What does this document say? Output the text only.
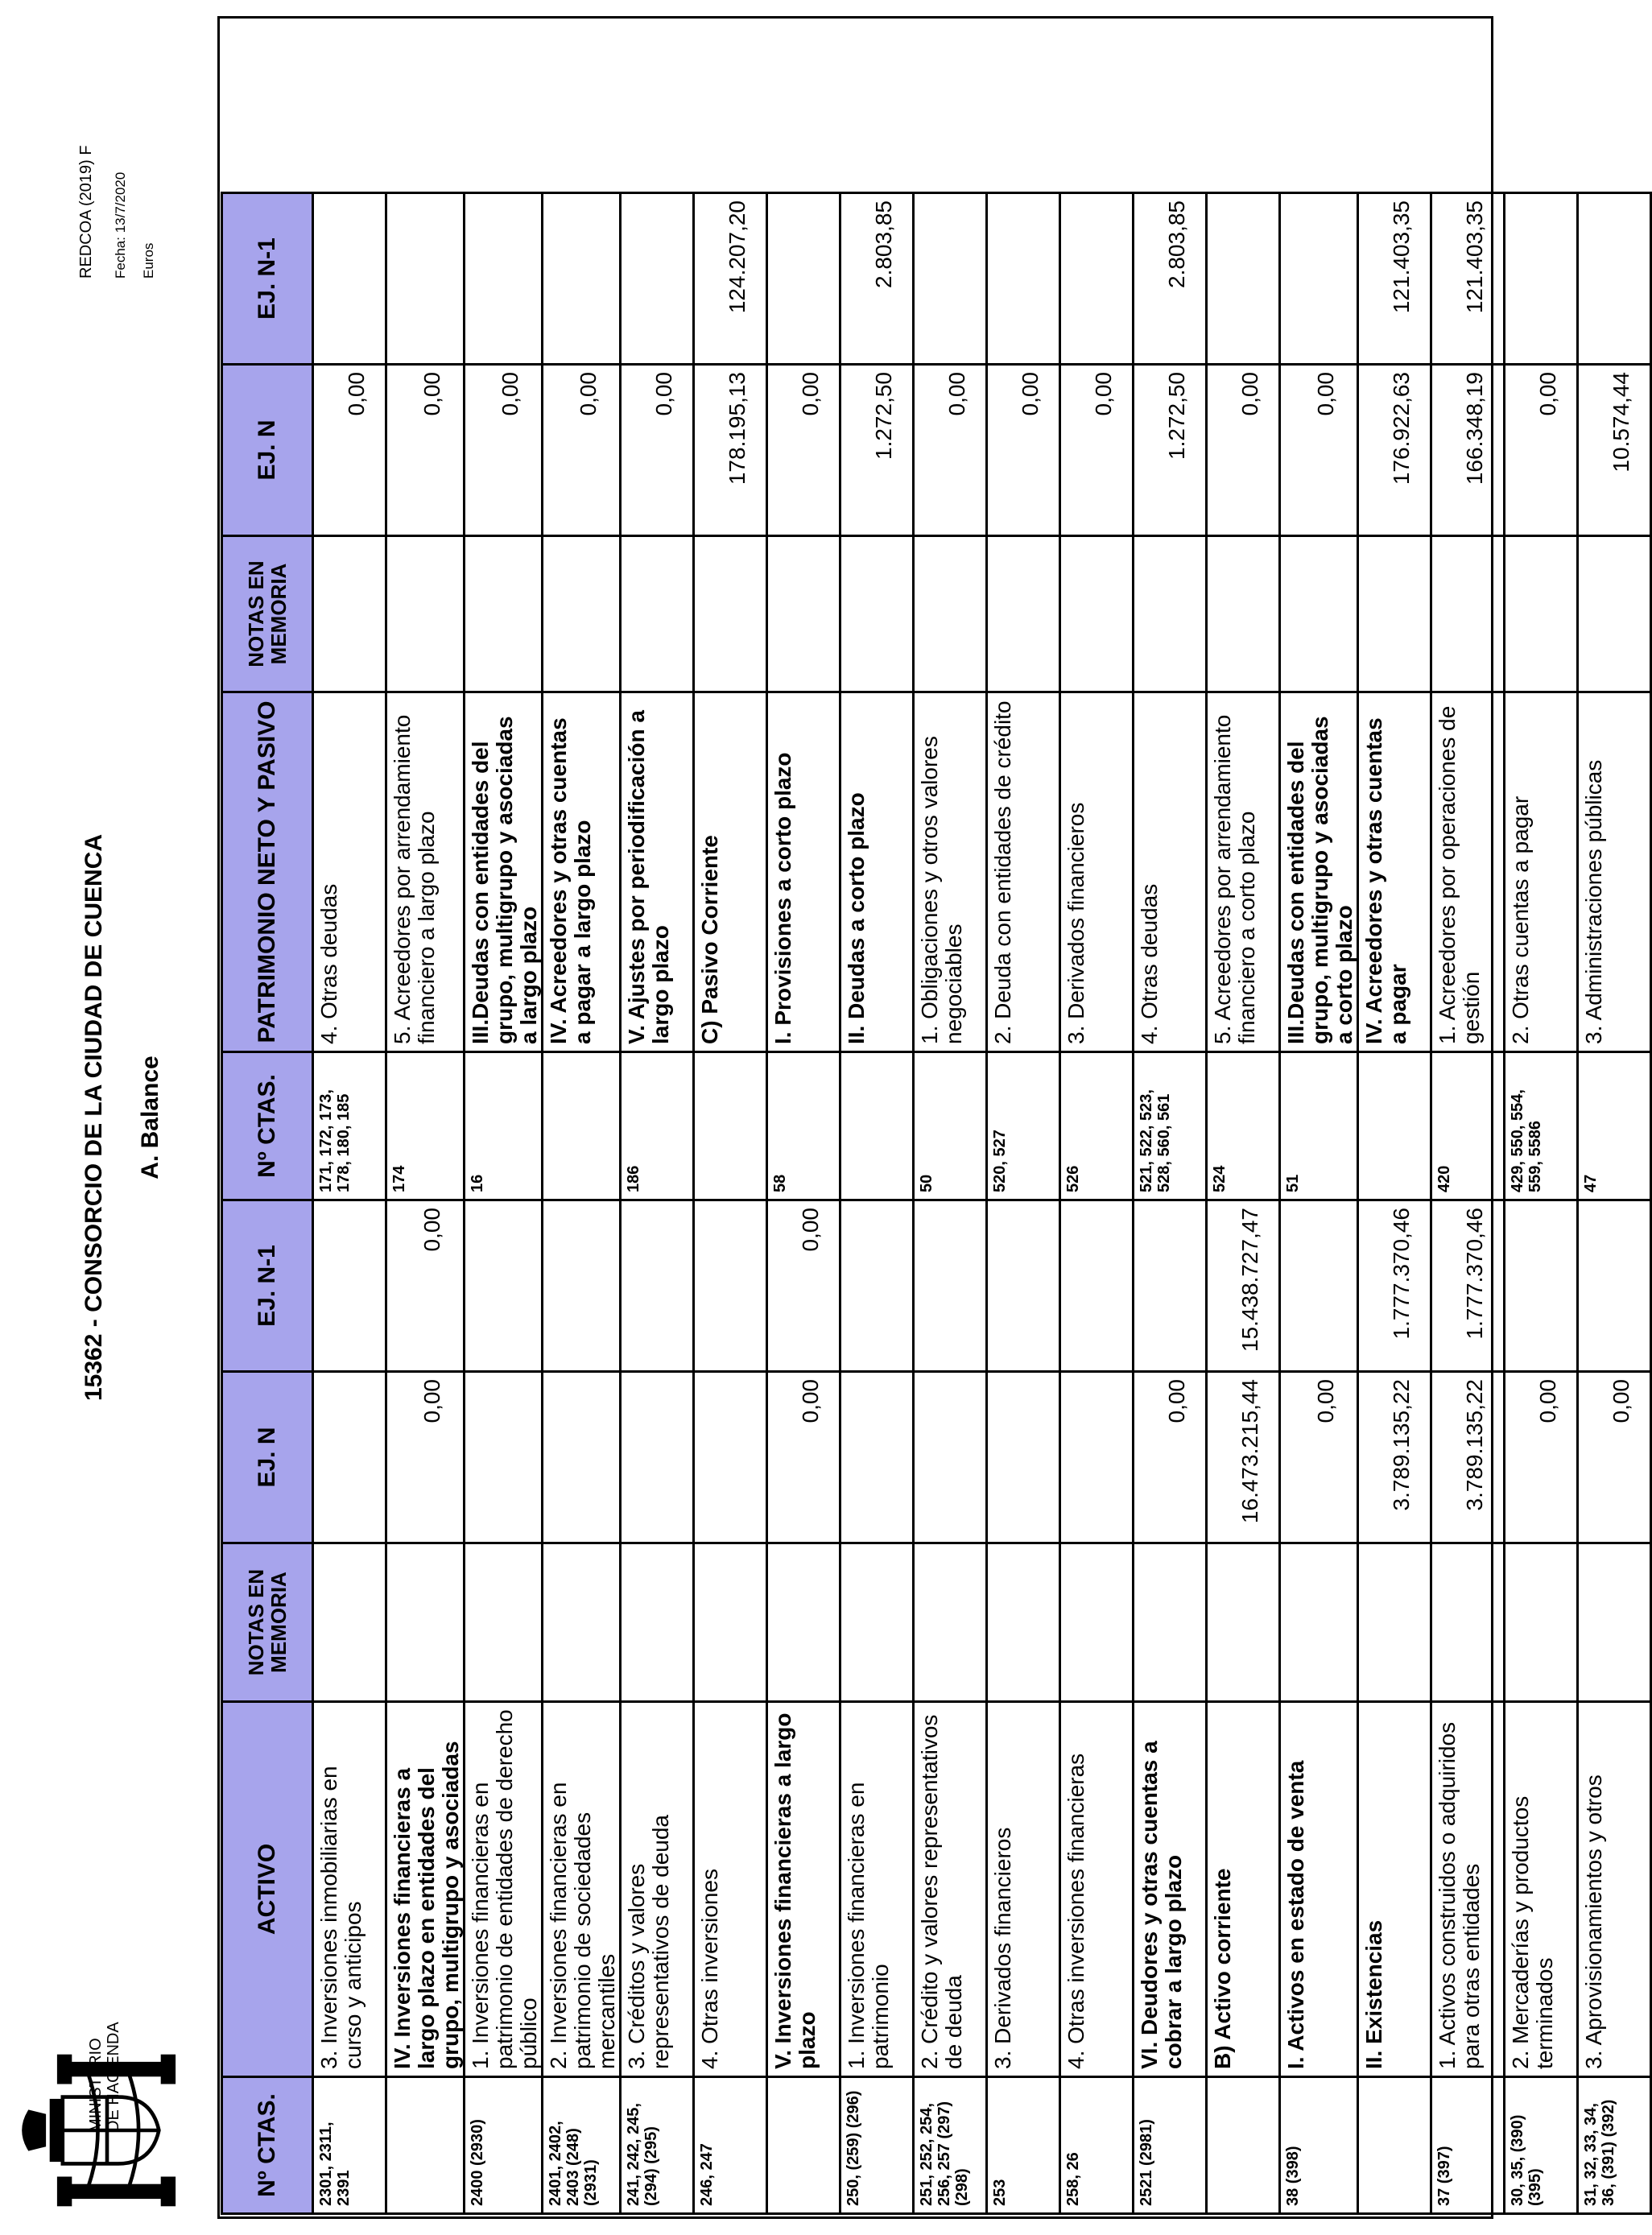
MINISTERIO DE HACIENDA
15362 - CONSORCIO DE LA CIUDAD DE CUENCA A. Balance
REDCOA (2019) F Fecha: 13/7/2020 Euros
Nº CTAS.	ACTIVO	NOTAS EN MEMORIA	EJ. N	EJ. N-1	Nº CTAS.	PATRIMONIO NETO Y PASIVO	NOTAS EN MEMORIA	EJ. N	EJ. N-1
2301, 2311, 2391	3. Inversiones inmobiliarias en curso y anticipos				171, 172, 173, 178, 180, 185	4. Otras deudas		0,00	
	IV. Inversiones financieras a largo plazo en entidades del grupo, multigrupo y asociadas		0,00	0,00	174	5. Acreedores por arrendamiento financiero a largo plazo		0,00	
2400 (2930)	1. Inversiones financieras en patrimonio de entidades de derecho público				16	III.Deudas con entidades del grupo, multigrupo y asociadas a largo plazo		0,00	
2401, 2402, 2403 (248) (2931)	2. Inversiones financieras en patrimonio de sociedades mercantiles					IV. Acreedores y otras cuentas a pagar a largo plazo		0,00	
241, 242, 245, (294) (295)	3. Créditos y valores representativos de deuda				186	V. Ajustes por periodificación a largo plazo		0,00	
246, 247	4. Otras inversiones					C) Pasivo Corriente		178.195,13	124.207,20
	V. Inversiones financieras a largo plazo		0,00	0,00	58	I. Provisiones a corto plazo		0,00	
250, (259) (296)	1. Inversiones financieras en patrimonio					II. Deudas a corto plazo		1.272,50	2.803,85
251, 252, 254, 256, 257 (297) (298)	2. Crédito y valores representativos de deuda				50	1. Obligaciones y otros valores negociables		0,00	
253	3. Derivados financieros				520, 527	2. Deuda con entidades de crédito		0,00	
258, 26	4. Otras inversiones financieras				526	3. Derivados financieros		0,00	
2521 (2981)	VI. Deudores y otras cuentas a cobrar a largo plazo		0,00		521, 522, 523, 528, 560, 561	4. Otras deudas		1.272,50	2.803,85
	B) Activo corriente		16.473.215,44	15.438.727,47	524	5. Acreedores por arrendamiento financiero a corto plazo		0,00	
38 (398)	I. Activos en estado de venta		0,00		51	III.Deudas con entidades del grupo, multigrupo y asociadas a corto plazo		0,00	
	II. Existencias		3.789.135,22	1.777.370,46		IV. Acreedores y otras cuentas a pagar		176.922,63	121.403,35
37 (397)	1. Activos construidos o adquiridos para otras entidades		3.789.135,22	1.777.370,46	420	1. Acreedores por operaciones de gestión		166.348,19	121.403,35
30, 35, (390) (395)	2. Mercaderías y productos terminados		0,00		429, 550, 554, 559, 5586	2. Otras cuentas a pagar		0,00	
31, 32, 33, 34, 36, (391) (392)	3. Aprovisionamientos y otros		0,00		47	3. Administraciones públicas		10.574,44	
